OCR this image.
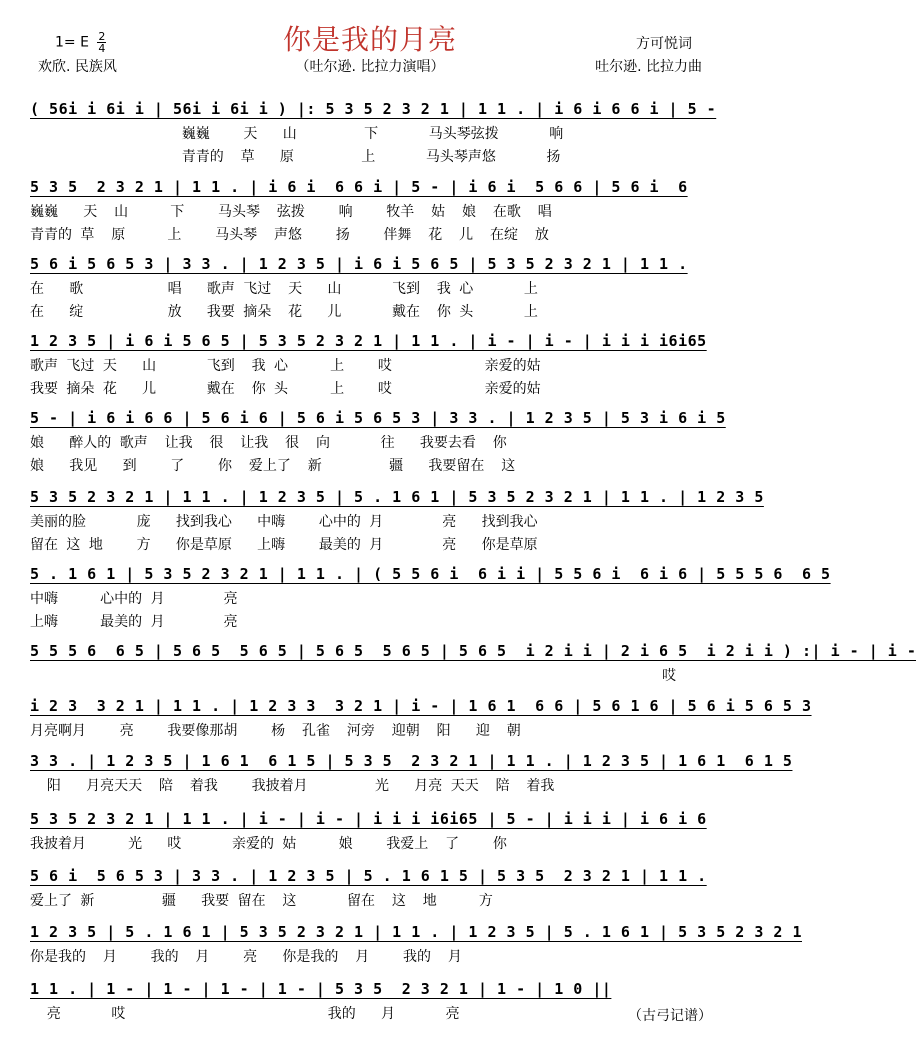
你是我的月亮
1= E $\frac{2}{4}$
欢欣. 民族风	（吐尔逊. 比拉力演唱）
方可悦词
吐尔逊. 比拉力曲
( 56i i 6i i | 56i i 6i i ) |: 5 3 5 2 3 2 1 | 1 1 . | i 6 i 6 6 i | 5 -
巍巍    天   山        下      马头琴弦拨      响
青青的  草   原        上      马头琴声悠      扬
5 3 5  2 3 2 1 | 1 1 . | i 6 i  6 6 i | 5 - | i 6 i  5 6 6 | 5 6 i  6
巍巍   天  山     下    马头琴  弦拨    响    牧羊  姑  娘  在歌  唱
青青的 草  原     上    马头琴  声悠    扬    伴舞  花  儿  在绽  放
5 6 i 5 6 5 3 | 3 3 . | 1 2 3 5 | i 6 i 5 6 5 | 5 3 5 2 3 2 1 | 1 1 .
在   歌          唱   歌声 飞过  天   山      飞到  我 心      上
在   绽          放   我要 摘朵  花   儿      戴在  你 头      上
1 2 3 5 | i 6 i 5 6 5 | 5 3 5 2 3 2 1 | 1 1 . | i - | i - | i i i i6i65
歌声 飞过 天   山      飞到  我 心     上    哎           亲爱的姑
我要 摘朵 花   儿      戴在  你 头     上    哎           亲爱的姑
5 - | i 6 i 6 6 | 5 6 i 6 | 5 6 i 5 6 5 3 | 3 3 . | 1 2 3 5 | 5 3 i 6 i 5
娘   醉人的 歌声  让我  很  让我  很  向      往   我要去看  你
娘   我见   到    了    你  爱上了  新        疆   我要留在  这
5 3 5 2 3 2 1 | 1 1 . | 1 2 3 5 | 5 . 1 6 1 | 5 3 5 2 3 2 1 | 1 1 . | 1 2 3 5
美丽的脸      庞   找到我心   中嗨    心中的 月       亮   找到我心
留在 这 地    方   你是草原   上嗨    最美的 月       亮   你是草原
5 . 1 6 1 | 5 3 5 2 3 2 1 | 1 1 . | ( 5 5 6 i  6 i i | 5 5 6 i  6 i 6 | 5 5 5 6  6 5
中嗨     心中的 月       亮
上嗨     最美的 月       亮
5 5 5 6  6 5 | 5 6 5  5 6 5 | 5 6 5  5 6 5 | 5 6 5  i 2 i i | 2 i 6 5  i 2 i i ) :| i - | i -
哎
i 2 3  3 2 1 | 1 1 . | 1 2 3 3  3 2 1 | i - | 1 6 1  6 6 | 5 6 1 6 | 5 6 i 5 6 5 3
月亮啊月    亮    我要像那胡    杨  孔雀  河旁  迎朝  阳   迎  朝
3 3 . | 1 2 3 5 | 1 6 1  6 1 5 | 5 3 5  2 3 2 1 | 1 1 . | 1 2 3 5 | 1 6 1  6 1 5
阳   月亮天天  陪  着我    我披着月        光   月亮 天天  陪  着我
5 3 5 2 3 2 1 | 1 1 . | i - | i - | i i i i6i65 | 5 - | i i i | i 6 i 6
我披着月     光   哎      亲爱的 姑     娘    我爱上  了    你
5 6 i  5 6 5 3 | 3 3 . | 1 2 3 5 | 5 . 1 6 1 5 | 5 3 5  2 3 2 1 | 1 1 .
爱上了 新        疆   我要 留在  这      留在  这  地     方
1 2 3 5 | 5 . 1 6 1 | 5 3 5 2 3 2 1 | 1 1 . | 1 2 3 5 | 5 . 1 6 1 | 5 3 5 2 3 2 1
你是我的  月    我的  月    亮   你是我的  月    我的  月
1 1 . | 1 - | 1 - | 1 - | 1 - | 5 3 5  2 3 2 1 | 1 - | 1 0 ||
亮      哎                        我的   月      亮	（古弓记谱）
